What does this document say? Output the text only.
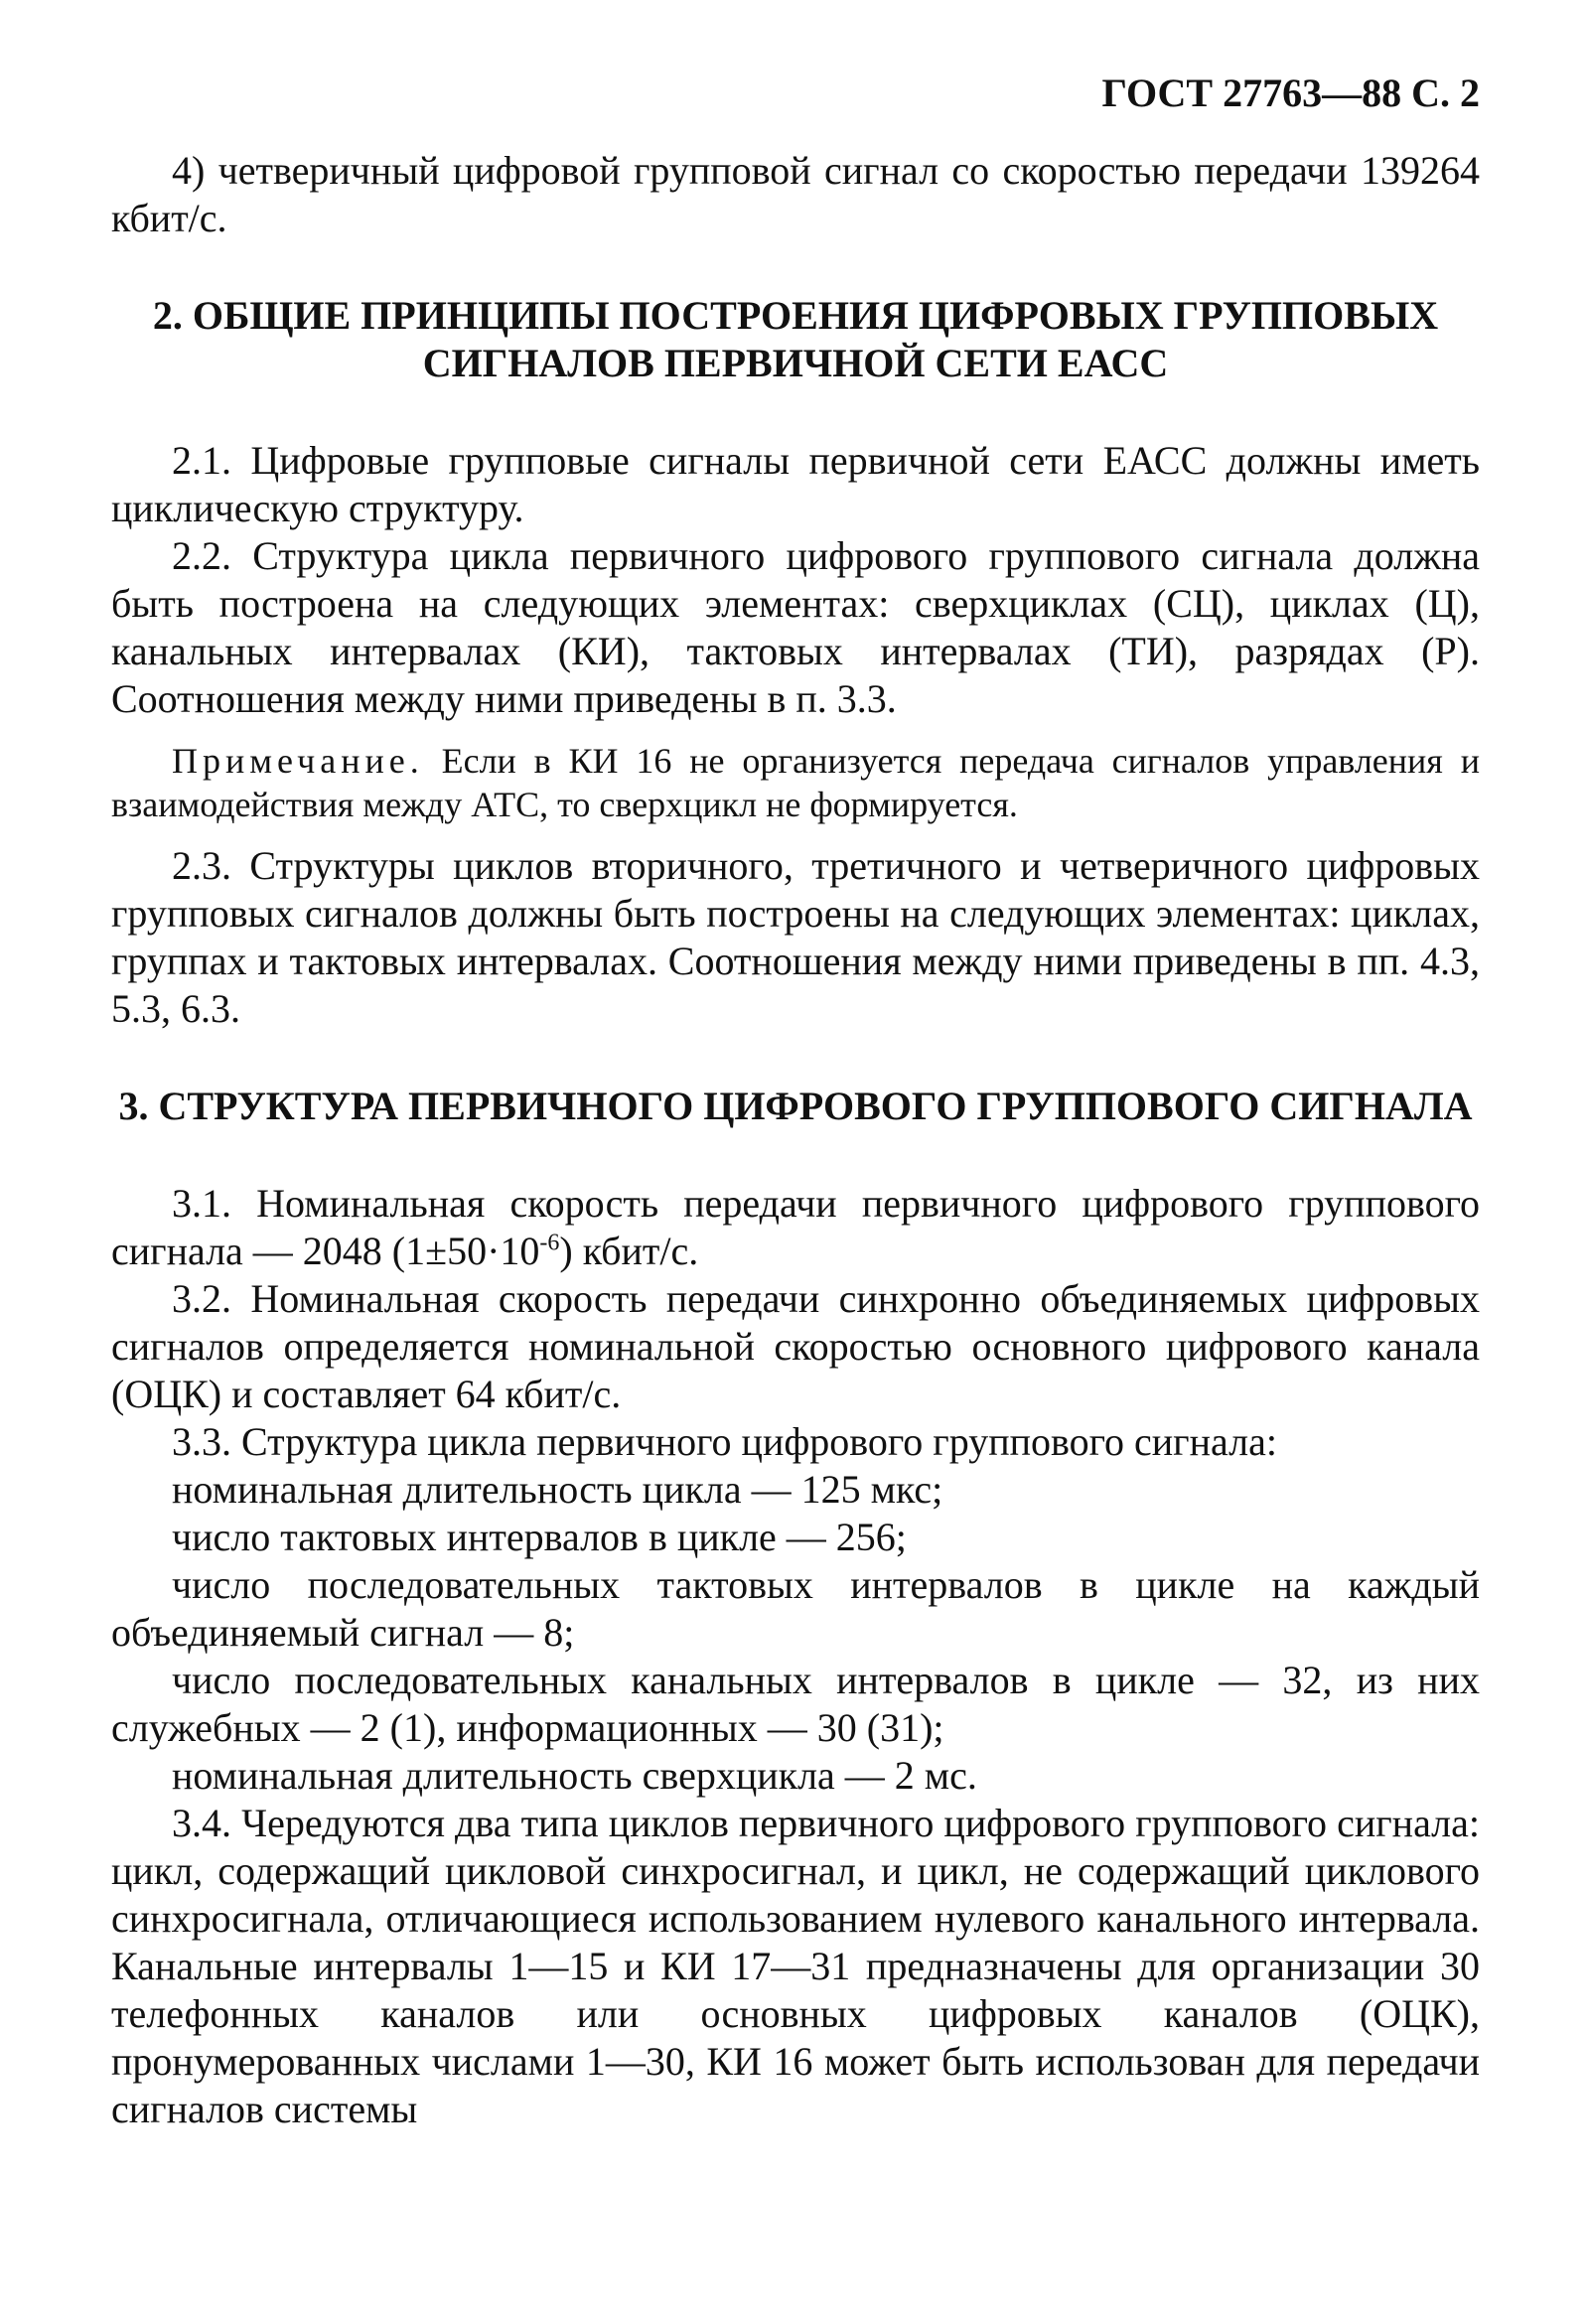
ГОСТ 27763—88 С. 2

4) четверичный цифровой групповой сигнал со скоростью передачи 139264 кбит/с.

2. ОБЩИЕ ПРИНЦИПЫ ПОСТРОЕНИЯ ЦИФРОВЫХ ГРУППОВЫХ
СИГНАЛОВ ПЕРВИЧНОЙ СЕТИ ЕАСС

2.1. Цифровые групповые сигналы первичной сети ЕАСС должны иметь циклическую структуру.

2.2. Структура цикла первичного цифрового группового сигнала должна быть построена на следующих элементах: сверхциклах (СЦ), циклах (Ц), канальных интервалах (КИ), тактовых интервалах (ТИ), разрядах (Р). Соотношения между ними приведены в п. 3.3.

Примечание. Если в КИ 16 не организуется передача сигналов управления и взаимодействия между АТС, то сверхцикл не формируется.

2.3. Структуры циклов вторичного, третичного и четверичного цифровых групповых сигналов должны быть построены на следующих элементах: циклах, группах и тактовых интервалах. Соотношения между ними приведены в пп. 4.3, 5.3, 6.3.

3. СТРУКТУРА ПЕРВИЧНОГО ЦИФРОВОГО ГРУППОВОГО СИГНАЛА

3.1. Номинальная скорость передачи первичного цифрового группового сигнала — 2048 $(1\pm 50\cdot 10^{-6})$ кбит/с.

3.2. Номинальная скорость передачи синхронно объединяемых цифровых сигналов определяется номинальной скоростью основного цифрового канала (ОЦК) и составляет 64 кбит/с.

3.3. Структура цикла первичного цифрового группового сигнала:

номинальная длительность цикла — 125 мкс;

число тактовых интервалов в цикле — 256;

число последовательных тактовых интервалов в цикле на каждый объединяемый сигнал — 8;

число последовательных канальных интервалов в цикле — 32, из них служебных — 2 (1), информационных — 30 (31);

номинальная длительность сверхцикла — 2 мс.

3.4. Чередуются два типа циклов первичного цифрового группового сигнала: цикл, содержащий цикловой синхросигнал, и цикл, не содержащий циклового синхросигнала, отличающиеся использованием нулевого канального интервала. Канальные интервалы 1—15 и КИ 17—31 предназначены для организации 30 телефонных каналов или основных цифровых каналов (ОЦК), пронумерованных числами 1—30, КИ 16 может быть использован для передачи сигналов системы
